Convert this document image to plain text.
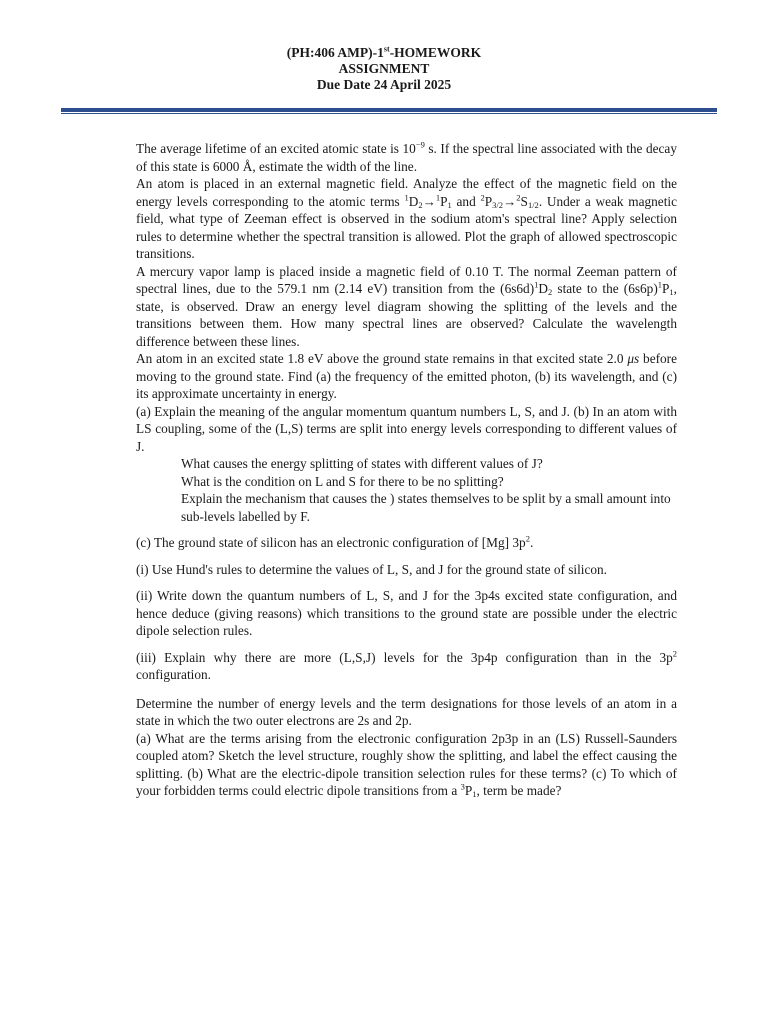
(PH:406 AMP)-1st-HOMEWORK
ASSIGNMENT
Due Date 24 April 2025

The average lifetime of an excited atomic state is $10^{-9}$ s. If the spectral line associated with the decay of this state is 6000 Å, estimate the width of the line.

An atom is placed in an external magnetic field. Analyze the effect of the magnetic field on the energy levels corresponding to the atomic terms $^1D_2\to^1P_1$ and $^2P_{3/2}\to^2S_{1/2}$. Under a weak magnetic field, what type of Zeeman effect is observed in the sodium atom's spectral line? Apply selection rules to determine whether the spectral transition is allowed. Plot the graph of allowed spectroscopic transitions.

A mercury vapor lamp is placed inside a magnetic field of 0.10 T. The normal Zeeman pattern of spectral lines, due to the 579.1 nm (2.14 eV) transition from the $(6s6d)^1D_2$ state to the $(6s6p)^1P_1$, state, is observed. Draw an energy level diagram showing the splitting of the levels and the transitions between them. How many spectral lines are observed? Calculate the wavelength difference between these lines.

An atom in an excited state 1.8 eV above the ground state remains in that excited state 2.0 μs before moving to the ground state. Find (a) the frequency of the emitted photon, (b) its wavelength, and (c) its approximate uncertainty in energy.

(a) Explain the meaning of the angular momentum quantum numbers L, S, and J. (b) In an atom with LS coupling, some of the (L,S) terms are split into energy levels corresponding to different values of J.

What causes the energy splitting of states with different values of J?

What is the condition on L and S for there to be no splitting?

Explain the mechanism that causes the ) states themselves to be split by a small amount into sub-levels labelled by F.

(c) The ground state of silicon has an electronic configuration of [Mg] $3p^2$.

(i) Use Hund's rules to determine the values of L, S, and J for the ground state of silicon.

(ii) Write down the quantum numbers of L, S, and J for the 3p4s excited state configuration, and hence deduce (giving reasons) which transitions to the ground state are possible under the electric dipole selection rules.

(iii) Explain why there are more (L,S,J) levels for the 3p4p configuration than in the $3p^2$ configuration.

Determine the number of energy levels and the term designations for those levels of an atom in a state in which the two outer electrons are 2s and 2p.

(a) What are the terms arising from the electronic configuration 2p3p in an (LS) Russell-Saunders coupled atom? Sketch the level structure, roughly show the splitting, and label the effect causing the splitting. (b) What are the electric-dipole transition selection rules for these terms? (c) To which of your forbidden terms could electric dipole transitions from a $^3P_1$, term be made?
